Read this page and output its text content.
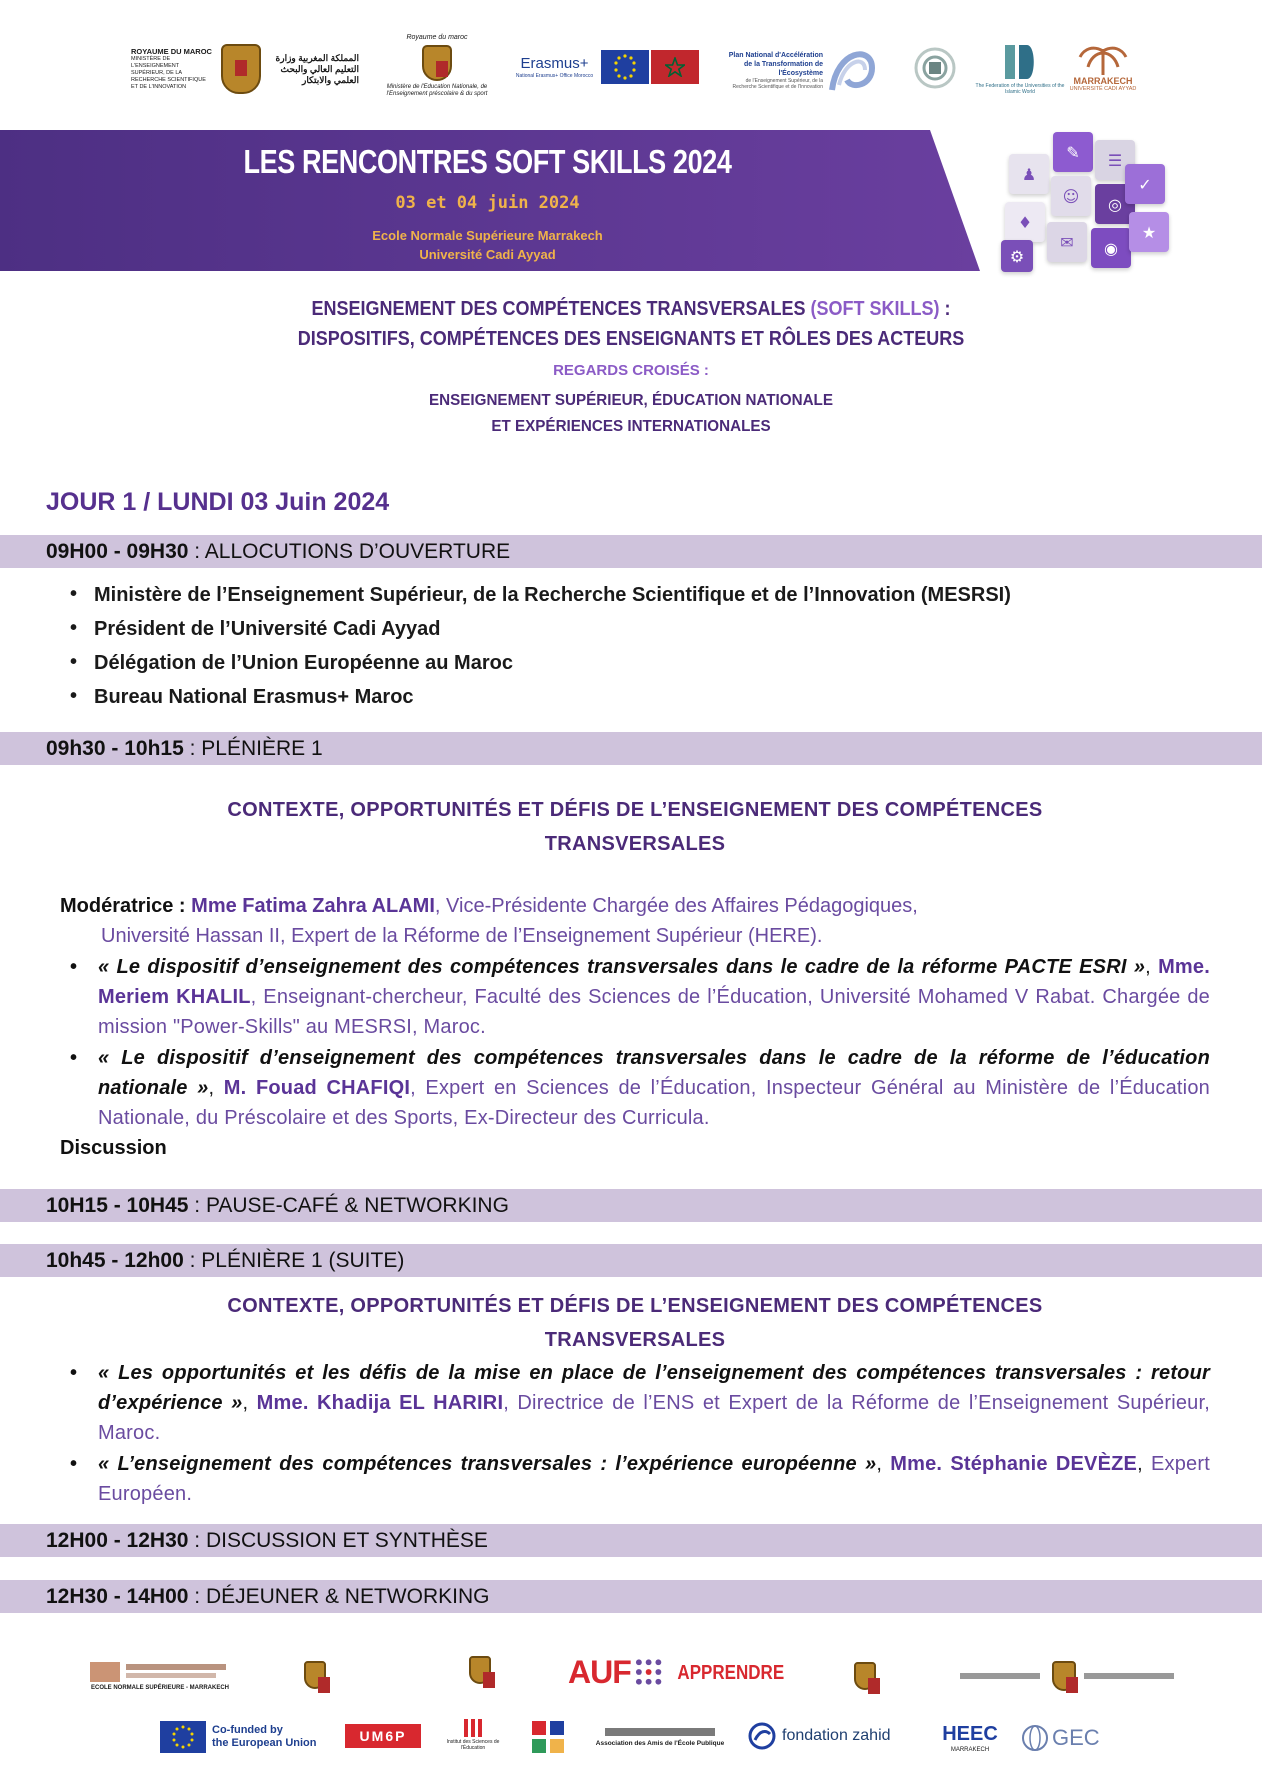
ROYAUME DU MAROC
MINISTÈRE DE L'ENSEIGNEMENT SUPÉRIEUR, DE LA RECHERCHE SCIENTIFIQUE ET DE L'INNOVATION
المملكة المغربية وزارة التعليم العالي والبحث العلمي والابتكار
Royaume du maroc
Ministère de l'Education Nationale, de l'Enseignement préscolaire & du sport
Erasmus+
National Erasmus+ Office Morocco
Plan National d'Accélération de la Transformation de l'Écosystème
de l'Enseignement Supérieur, de la Recherche Scientifique et de l'Innovation	The Federation of the Universities of the Islamic World
MARRAKECH
UNIVERSITÉ CADI AYYAD
LES RENCONTRES SOFT SKILLS 2024
03 et 04 juin 2024
Ecole Normale Supérieure Marrakech
Université Cadi Ayyad
✎	☰
♟
☺	◎
✓
♦
✉	◉
★
⚙
ENSEIGNEMENT DES COMPÉTENCES TRANSVERSALES (SOFT SKILLS) :
DISPOSITIFS, COMPÉTENCES DES ENSEIGNANTS ET RÔLES DES ACTEURS
REGARDS CROISÉS :
ENSEIGNEMENT SUPÉRIEUR, ÉDUCATION NATIONALE
ET EXPÉRIENCES INTERNATIONALES
JOUR 1 / LUNDI 03 Juin 2024
09H00 - 09H30 : ALLOCUTIONS D’OUVERTURE
• Ministère de l’Enseignement Supérieur, de la Recherche Scientifique et de l’Innovation (MESRSI)
• Président de l’Université Cadi Ayyad
• Délégation de l’Union Européenne au Maroc
• Bureau National Erasmus+ Maroc
09h30 - 10h15 : PLÉNIÈRE 1
CONTEXTE, OPPORTUNITÉS ET DÉFIS DE L’ENSEIGNEMENT DES COMPÉTENCES
TRANSVERSALES
Modératrice : Mme Fatima Zahra ALAMI, Vice-Présidente Chargée des Affaires Pédagogiques,
Université Hassan II, Expert de la Réforme de l’Enseignement Supérieur (HERE).
• « Le dispositif d’enseignement des compétences transversales dans le cadre de la réforme PACTE ESRI », Mme. Meriem KHALIL, Enseignant-chercheur, Faculté des Sciences de l’Éducation, Université Mohamed V Rabat. Chargée de mission "Power-Skills" au MESRSI, Maroc.
• « Le dispositif d’enseignement des compétences transversales dans le cadre de la réforme de l’éducation nationale », M. Fouad CHAFIQI, Expert en Sciences de l’Éducation, Inspecteur Général au Ministère de l’Éducation Nationale, du Préscolaire et des Sports, Ex-Directeur des Curricula.
Discussion
10H15 - 10H45 : PAUSE-CAFÉ & NETWORKING
10h45 - 12h00 : PLÉNIÈRE 1 (SUITE)
CONTEXTE, OPPORTUNITÉS ET DÉFIS DE L’ENSEIGNEMENT DES COMPÉTENCES
TRANSVERSALES
• « Les opportunités et les défis de la mise en place de l’enseignement des compétences transversales : retour d’expérience », Mme. Khadija EL HARIRI, Directrice de l’ENS et Expert de la Réforme de l’Enseignement Supérieur, Maroc.
• « L’enseignement des compétences transversales : l’expérience européenne », Mme. Stéphanie DEVÈZE, Expert Européen.
12H00 - 12H30 : DISCUSSION ET SYNTHÈSE
12H30 - 14H00 : DÉJEUNER & NETWORKING
ECOLE NORMALE SUPÉRIEURE - MARRAKECH	AUF APPRENDRE
Co-funded by
the European Union	UM6P	Institut des Sciences de l'Éducation
Association des Amis de l'École Publique	fondation zahid	HEEC
MARRAKECH	GEC
